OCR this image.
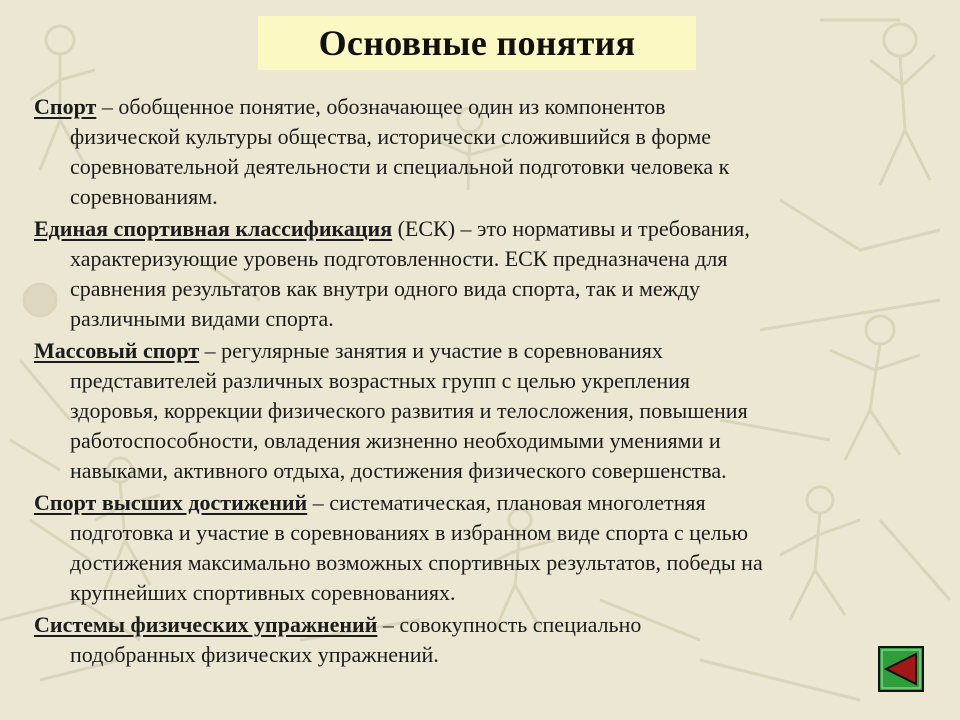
Основные понятия
Спорт – обобщенное понятие, обозначающее один из компонентов
физической культуры общества, исторически сложившийся в форме
соревновательной деятельности и специальной подготовки человека к
соревнованиям.
Единая спортивная классификация (ЕСК) – это нормативы и требования,
характеризующие уровень подготовленности. ЕСК предназначена для
сравнения результатов как внутри одного вида спорта, так и между
различными видами спорта.
Массовый спорт – регулярные занятия и участие в соревнованиях
представителей различных возрастных групп с целью укрепления
здоровья, коррекции физического развития и телосложения, повышения
работоспособности, овладения жизненно необходимыми умениями и
навыками, активного отдыха, достижения физического совершенства.
Спорт высших достижений – систематическая, плановая многолетняя
подготовка и участие в соревнованиях в избранном виде спорта с целью
достижения максимально возможных спортивных результатов, победы на
крупнейших спортивных соревнованиях.
Системы физических упражнений – совокупность специально
подобранных физических упражнений.
